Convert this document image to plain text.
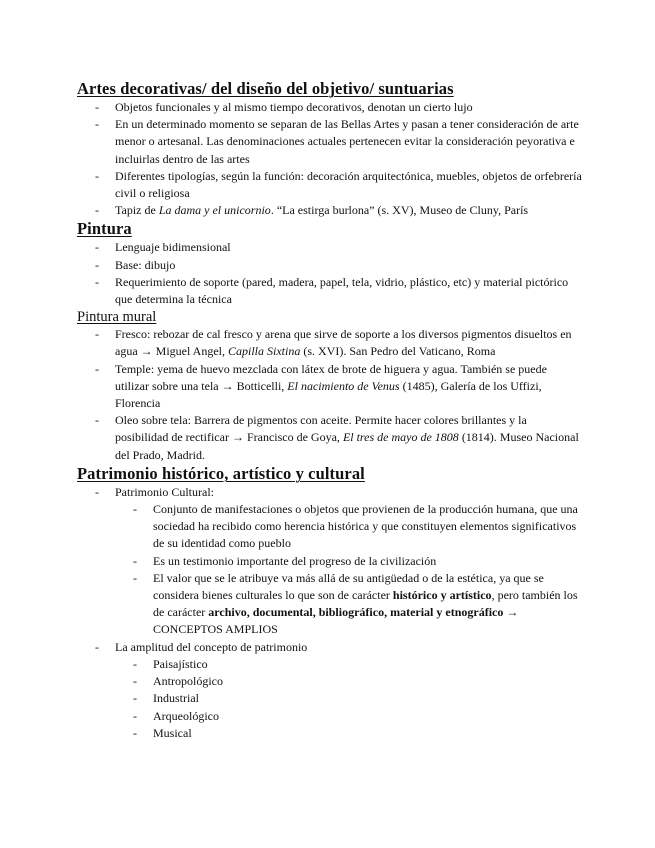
Artes decorativas/ del diseño del objetivo/ suntuarias
- Objetos funcionales y al mismo tiempo decorativos, denotan un cierto lujo
- En un determinado momento se separan de las Bellas Artes y pasan a tener consideración de arte menor o artesanal. Las denominaciones actuales pertenecen evitar la consideración peyorativa e incluirlas dentro de las artes
- Diferentes tipologías, según la función: decoración arquitectónica, muebles, objetos de orfebrería civil o religiosa
- Tapiz de La dama y el unicornio. “La estirga burlona” (s. XV), Museo de Cluny, París
Pintura
- Lenguaje bidimensional
- Base: dibujo
- Requerimiento de soporte (pared, madera, papel, tela, vidrio, plástico, etc) y material pictórico que determina la técnica
Pintura mural
- Fresco: rebozar de cal fresco y arena que sirve de soporte a los diversos pigmentos disueltos en agua → Miguel Angel, Capilla Sixtina (s. XVI). San Pedro del Vaticano, Roma
- Temple: yema de huevo mezclada con látex de brote de higuera y agua. También se puede utilizar sobre una tela → Botticelli, El nacimiento de Venus (1485), Galería de los Uffizi, Florencia
- Oleo sobre tela: Barrera de pigmentos con aceite. Permite hacer colores brillantes y la posibilidad de rectificar → Francisco de Goya, El tres de mayo de 1808 (1814). Museo Nacional del Prado, Madrid.
Patrimonio histórico, artístico y cultural
- Patrimonio Cultural:
- Conjunto de manifestaciones o objetos que provienen de la producción humana, que una sociedad ha recibido como herencia histórica y que constituyen elementos significativos de su identidad como pueblo
- Es un testimonio importante del progreso de la civilización
- El valor que se le atribuye va más allá de su antigüedad o de la estética, ya que se considera bienes culturales lo que son de carácter histórico y artístico, pero también los de carácter archivo, documental, bibliográfico, material y etnográfico → CONCEPTOS AMPLIOS
- La amplitud del concepto de patrimonio
- Paisajístico
- Antropológico
- Industrial
- Arqueológico
- Musical
